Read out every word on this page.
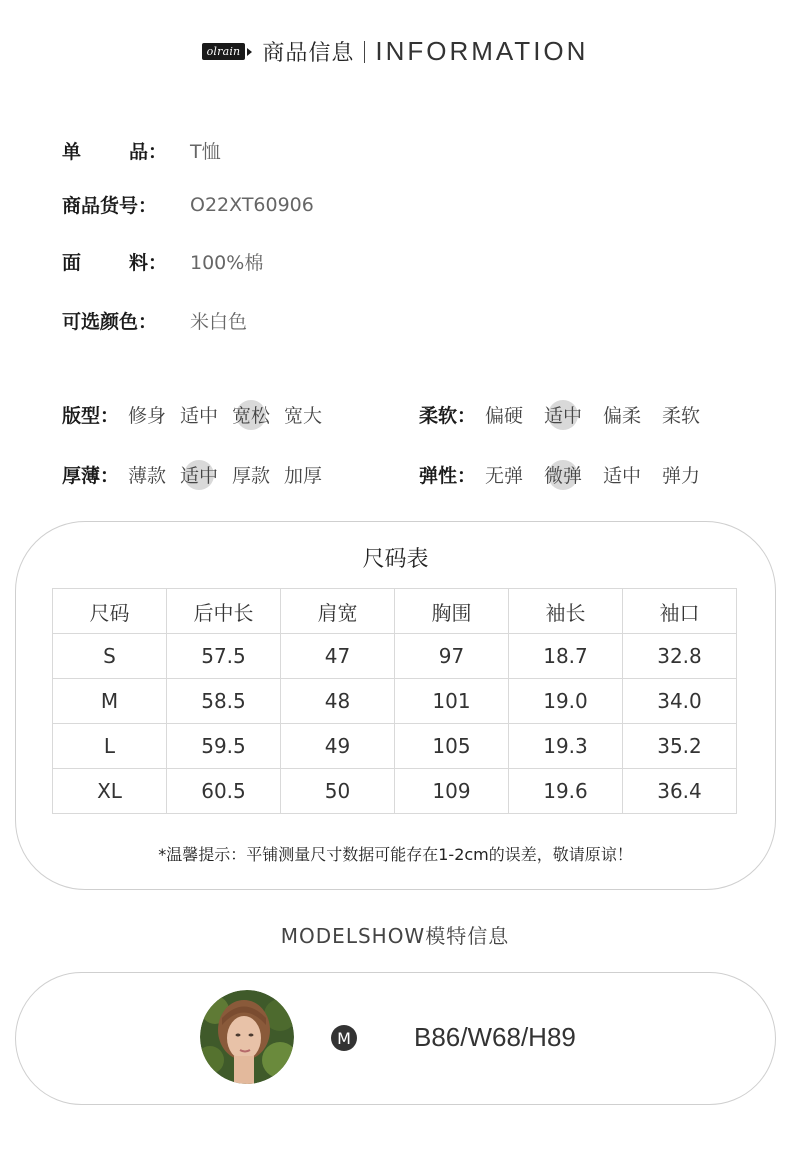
olrain 商品信息 INFORMATION
单	品： T恤
商品货号：	O22XT60906
面	料： 100%棉
可选颜色：	米白色
版型： 修身 适中 宽松 宽大	柔软： 偏硬 适中 偏柔 柔软
厚薄： 薄款 适中 厚款 加厚	弹性： 无弹 微弹 适中 弹力
尺码表
尺码	后中长	肩宽	胸围	袖长	袖口
S	57.5	47	97	18.7	32.8
M	58.5	48	101	19.0	34.0
L	59.5	49	105	19.3	35.2
XL	60.5	50	109	19.6	36.4
*温馨提示：平铺测量尺寸数据可能存在1-2cm的误差，敬请原谅！
MODELSHOW模特信息
M B86/W68/H89
